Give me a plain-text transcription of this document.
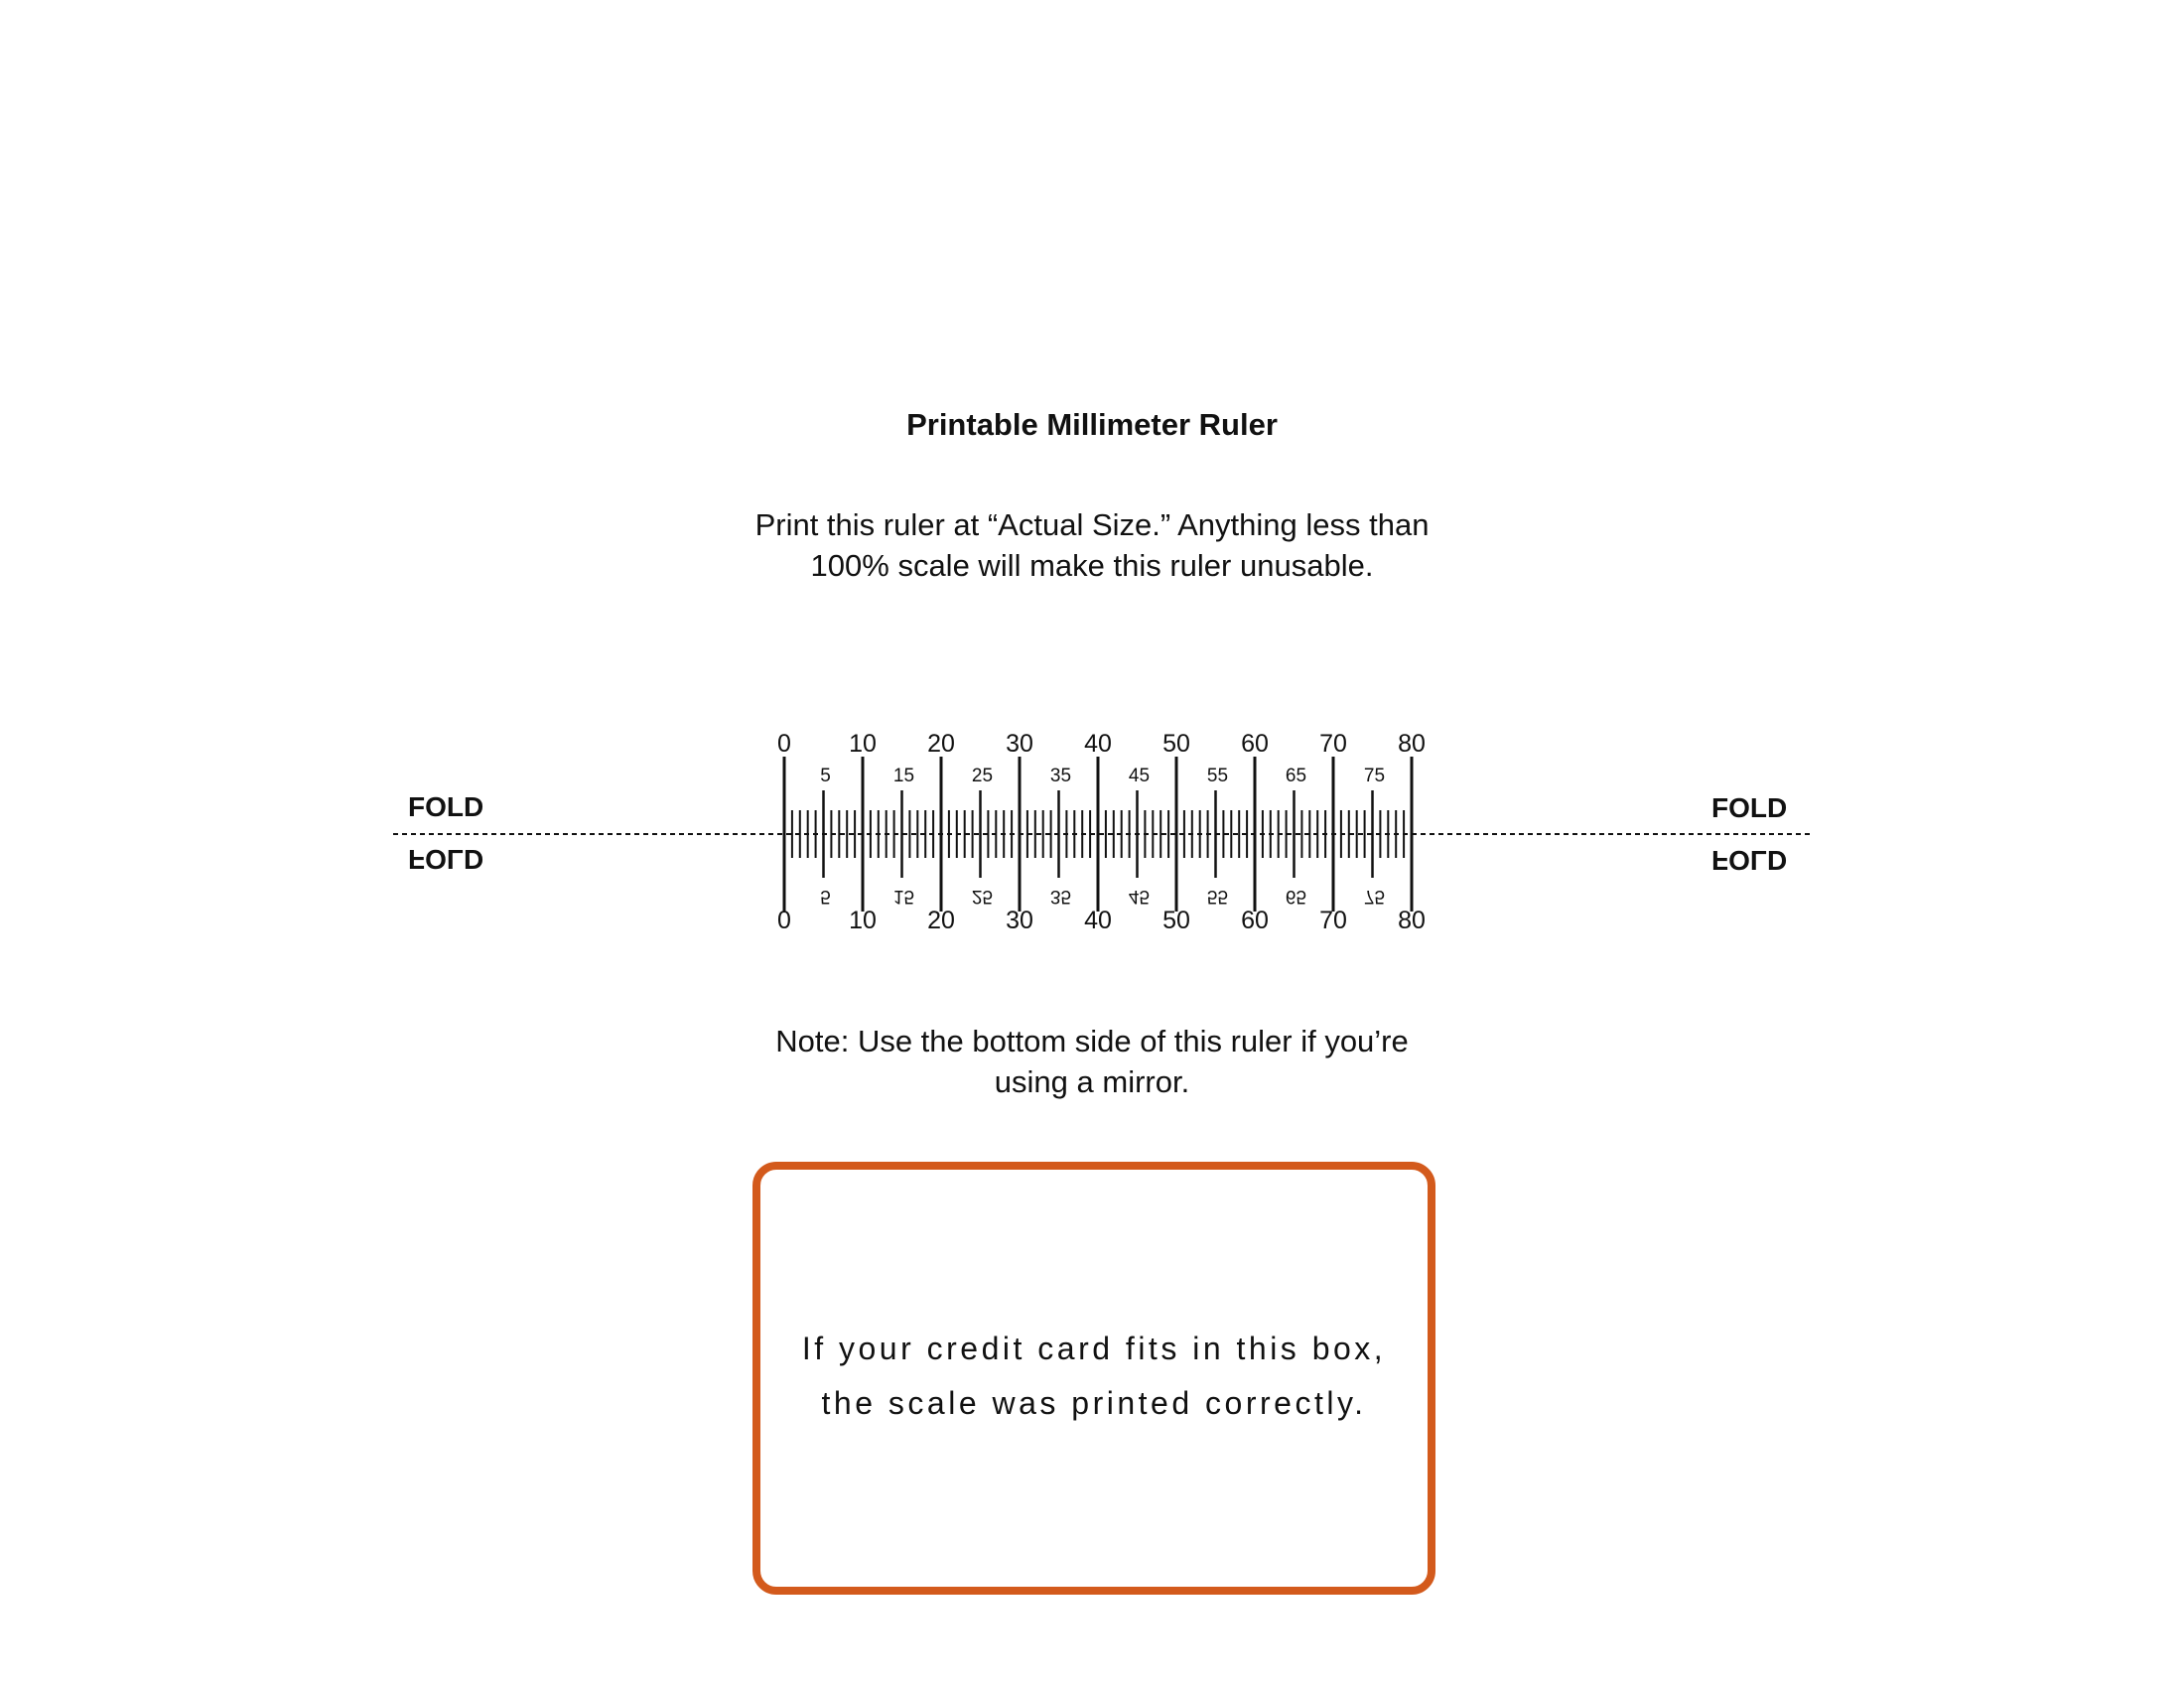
Printable Millimeter Ruler
Print this ruler at “Actual Size.” Anything less than
100% scale will make this ruler unusable.
0
0
10
10
20
20
30
30
40
40
50
50
60
60
70
70
80
80
5
5
15
15
25
25
35
35
45
45
55
55
65
65
75
75
FOLD
FOLD
FOLD
FOLD
Note: Use the bottom side of this ruler if you’re
using a mirror.
If your credit card fits in this box,
the scale was printed correctly.
